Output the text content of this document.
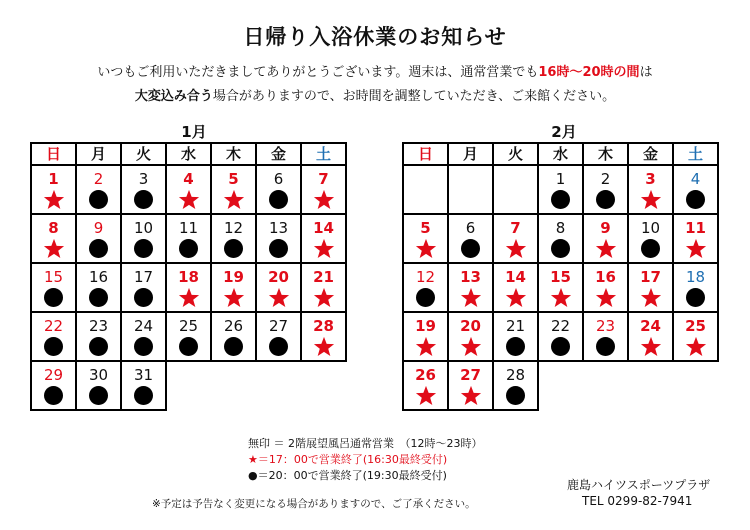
日帰り入浴休業のお知らせ
いつもご利用いただきましてありがとうございます。週末は、通常営業でも16時〜20時の間は
大変込み合う場合がありますので、お時間を調整していただき、ご来館ください。
1月
日	月	火	水	木	金	土

1	2	3	4	5	6	7

8	9	10	11	12	13	14

15	16	17	18	19	20	21

22	23	24	25	26	27	28

29	30	31				

2月
日	月	火	水	木	金	土

			1	2	3	4

5	6	7	8	9	10	11

12	13	14	15	16	17	18

19	20	21	22	23	24	25

26	27	28				

無印 ＝ 2階展望風呂通常営業　（12時〜23時）
★＝17：00で営業終了(16:30最終受付)
●＝20：00で営業終了(19:30最終受付)
※予定は予告なく変更になる場合がありますので、ご了承ください。
鹿島ハイツスポーツプラザ
TEL 0299-82-7941
